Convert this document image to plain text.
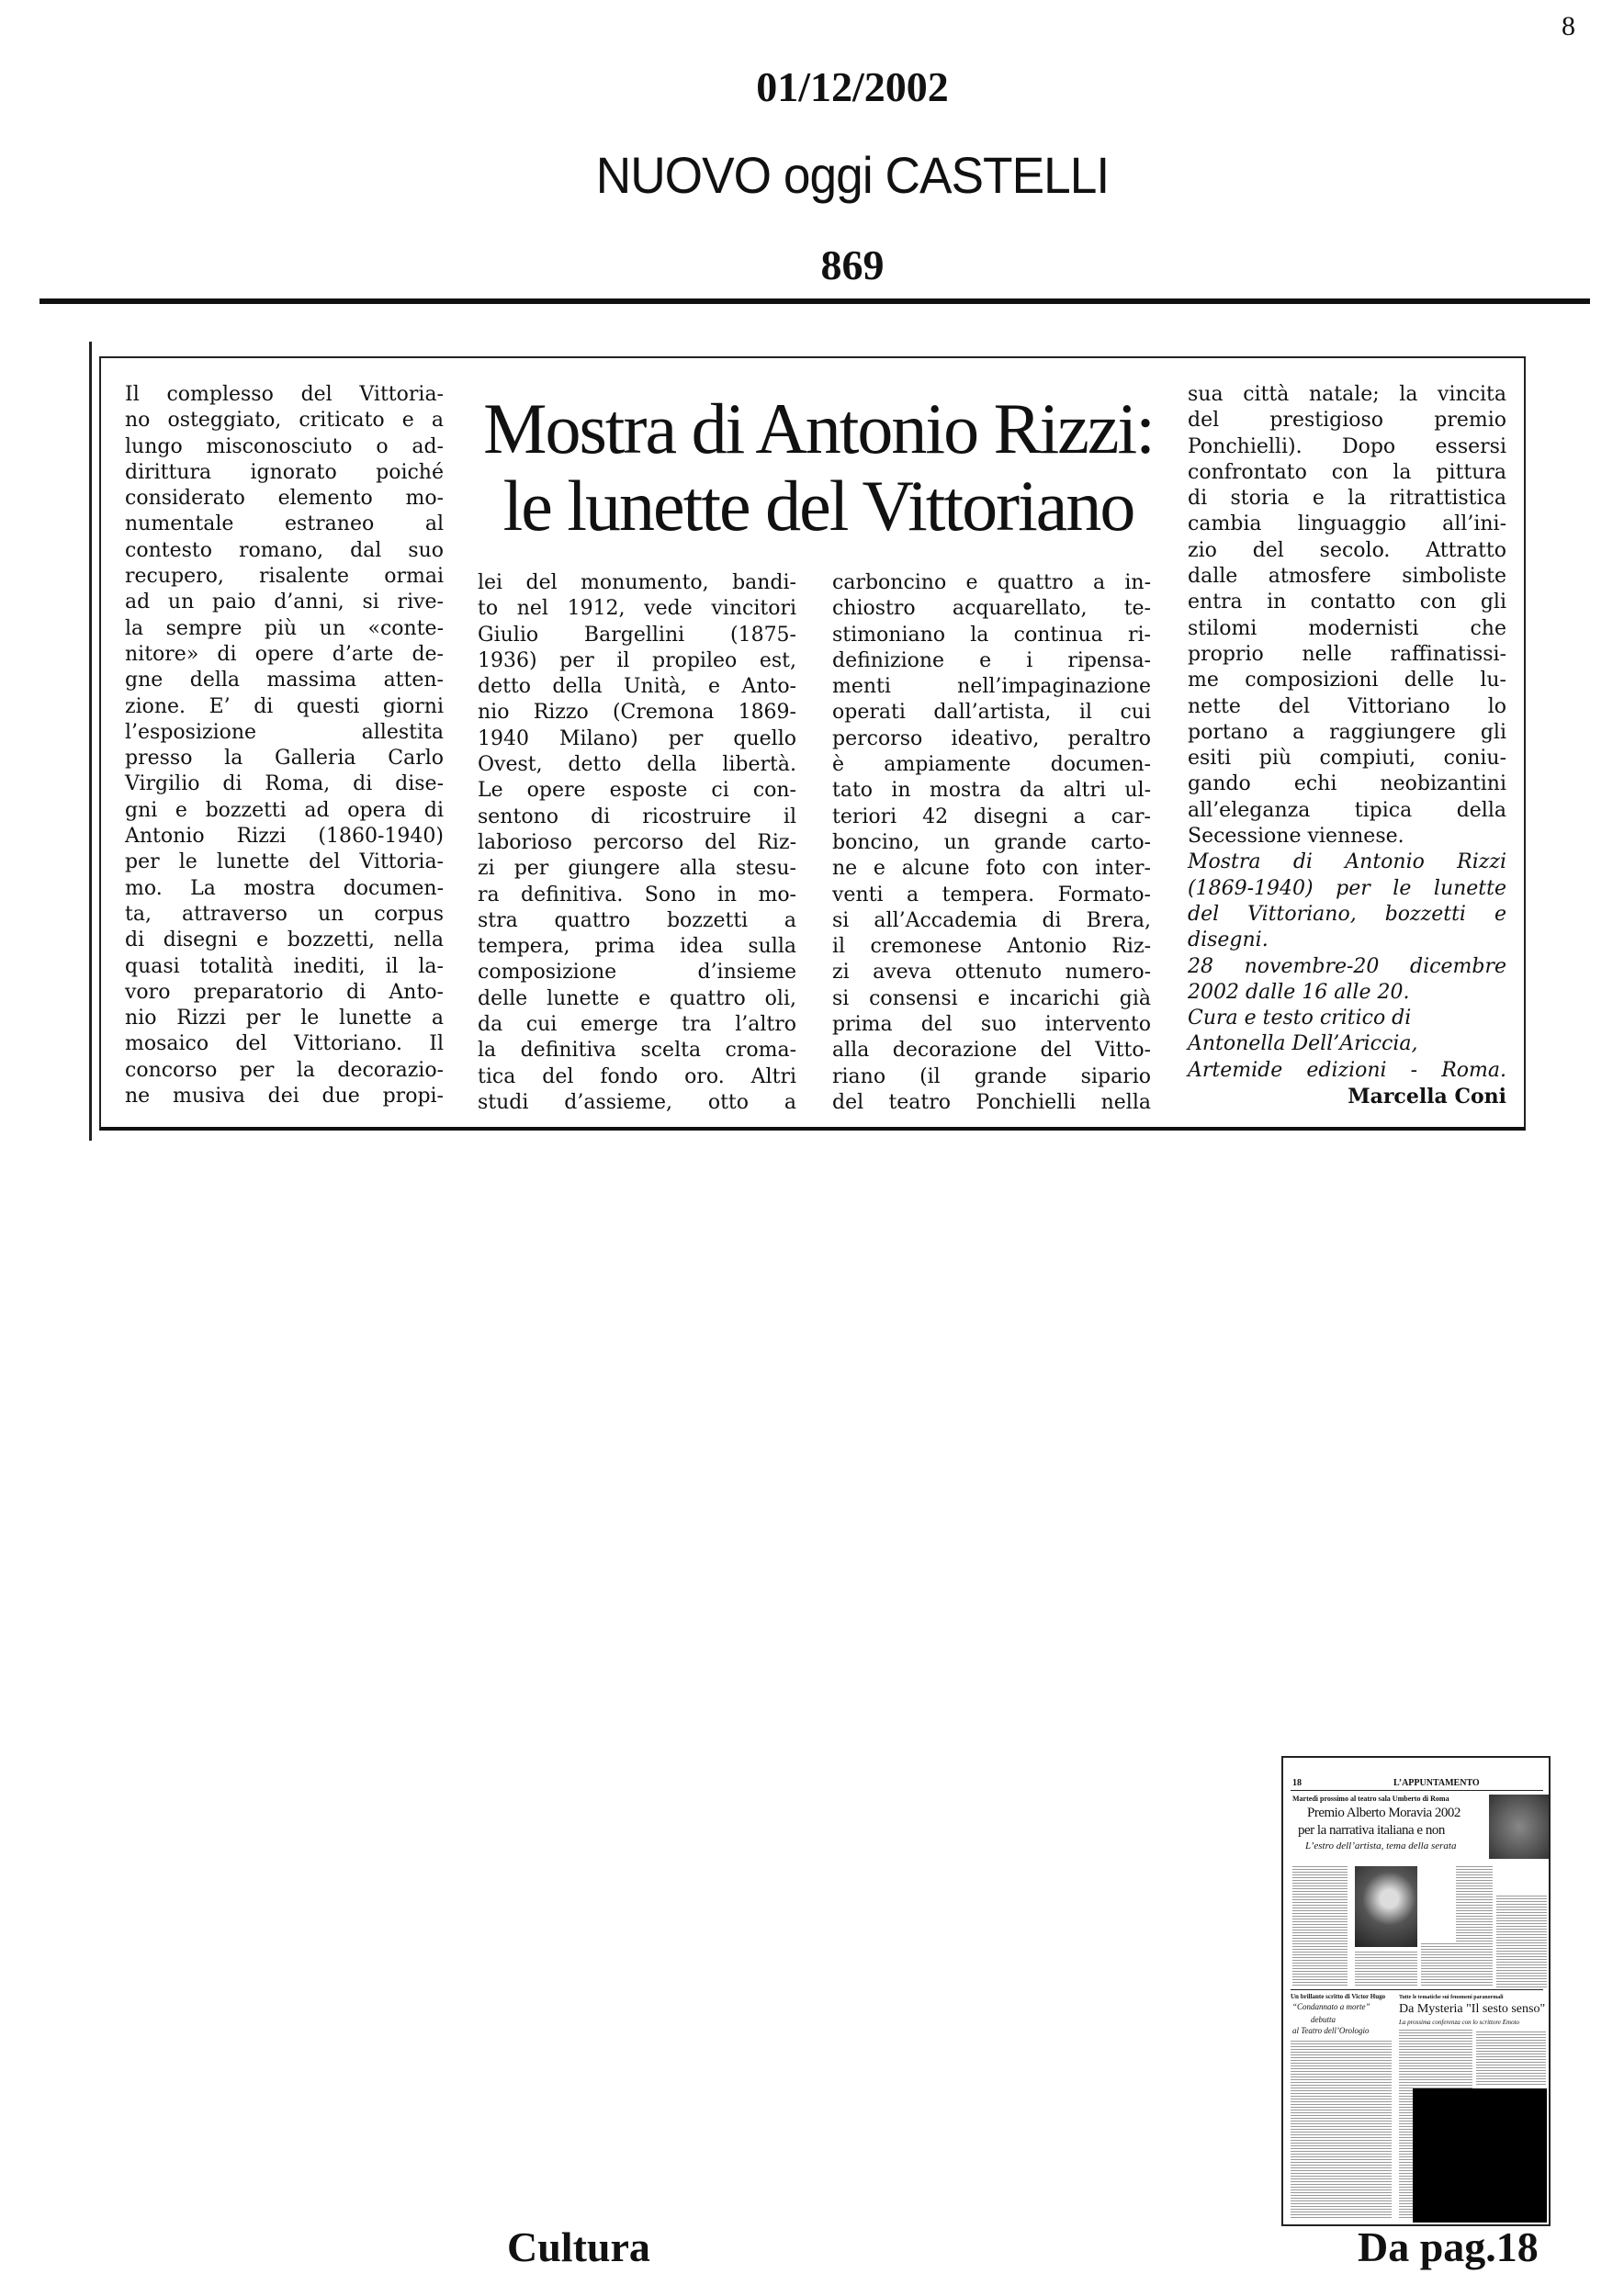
8
01/12/2002
NUOVO oggi CASTELLI
869
Mostra di Antonio Rizzi:
le lunette del Vittoriano
Il complesso del Vittoria-
no osteggiato, criticato e a
lungo misconosciuto o ad-
dirittura ignorato poiché
considerato elemento mo-
numentale estraneo al
contesto romano, dal suo
recupero, risalente ormai
ad un paio d’anni, si rive-
la sempre più un «conte-
nitore» di opere d’arte de-
gne della massima atten-
zione. E’ di questi giorni
l’esposizione allestita
presso la Galleria Carlo
Virgilio di Roma, di dise-
gni e bozzetti ad opera di
Antonio Rizzi (1860-1940)
per le lunette del Vittoria-
mo. La mostra documen-
ta, attraverso un corpus
di disegni e bozzetti, nella
quasi totalità inediti, il la-
voro preparatorio di Anto-
nio Rizzi per le lunette a
mosaico del Vittoriano. Il
concorso per la decorazio-
ne musiva dei due propi-
lei del monumento, bandi-
to nel 1912, vede vincitori
Giulio Bargellini (1875-
1936) per il propileo est,
detto della Unità, e Anto-
nio Rizzo (Cremona 1869-
1940 Milano) per quello
Ovest, detto della libertà.
Le opere esposte ci con-
sentono di ricostruire il
laborioso percorso del Riz-
zi per giungere alla stesu-
ra definitiva. Sono in mo-
stra quattro bozzetti a
tempera, prima idea sulla
composizione d’insieme
delle lunette e quattro oli,
da cui emerge tra l’altro
la definitiva scelta croma-
tica del fondo oro. Altri
studi d’assieme, otto a
carboncino e quattro a in-
chiostro acquarellato, te-
stimoniano la continua ri-
definizione e i ripensa-
menti nell’impaginazione
operati dall’artista, il cui
percorso ideativo, peraltro
è ampiamente documen-
tato in mostra da altri ul-
teriori 42 disegni a car-
boncino, un grande carto-
ne e alcune foto con inter-
venti a tempera. Formato-
si all’Accademia di Brera,
il cremonese Antonio Riz-
zi aveva ottenuto numero-
si consensi e incarichi già
prima del suo intervento
alla decorazione del Vitto-
riano (il grande sipario
del teatro Ponchielli nella
sua città natale; la vincita
del prestigioso premio
Ponchielli). Dopo essersi
confrontato con la pittura
di storia e la ritrattistica
cambia linguaggio all’ini-
zio del secolo. Attratto
dalle atmosfere simboliste
entra in contatto con gli
stilomi modernisti che
proprio nelle raffinatissi-
me composizioni delle lu-
nette del Vittoriano lo
portano a raggiungere gli
esiti più compiuti, coniu-
gando echi neobizantini
all’eleganza tipica della
Secessione viennese.
Mostra di Antonio Rizzi
(1869-1940) per le lunette
del Vittoriano, bozzetti e
disegni.
28 novembre-20 dicembre
2002 dalle 16 alle 20.
Cura e testo critico di
Antonella Dell’Ariccia,
Artemide edizioni - Roma.
Marcella Coni
18	L’APPUNTAMENTO
Martedì prossimo al teatro sala Umberto di Roma
Premio Alberto Moravia 2002
per la narrativa italiana e non
L’estro dell’artista, tema della serata
Un brillante scritto di Victor Hugo
“Condannato a morte”
debutta
al Teatro dell’Orologio
Tutte le tematiche sui fenomeni paranormali
Da Mysteria "Il sesto senso"
La prossima conferenza con lo scrittore Emoto
Cultura	Da pag.18
